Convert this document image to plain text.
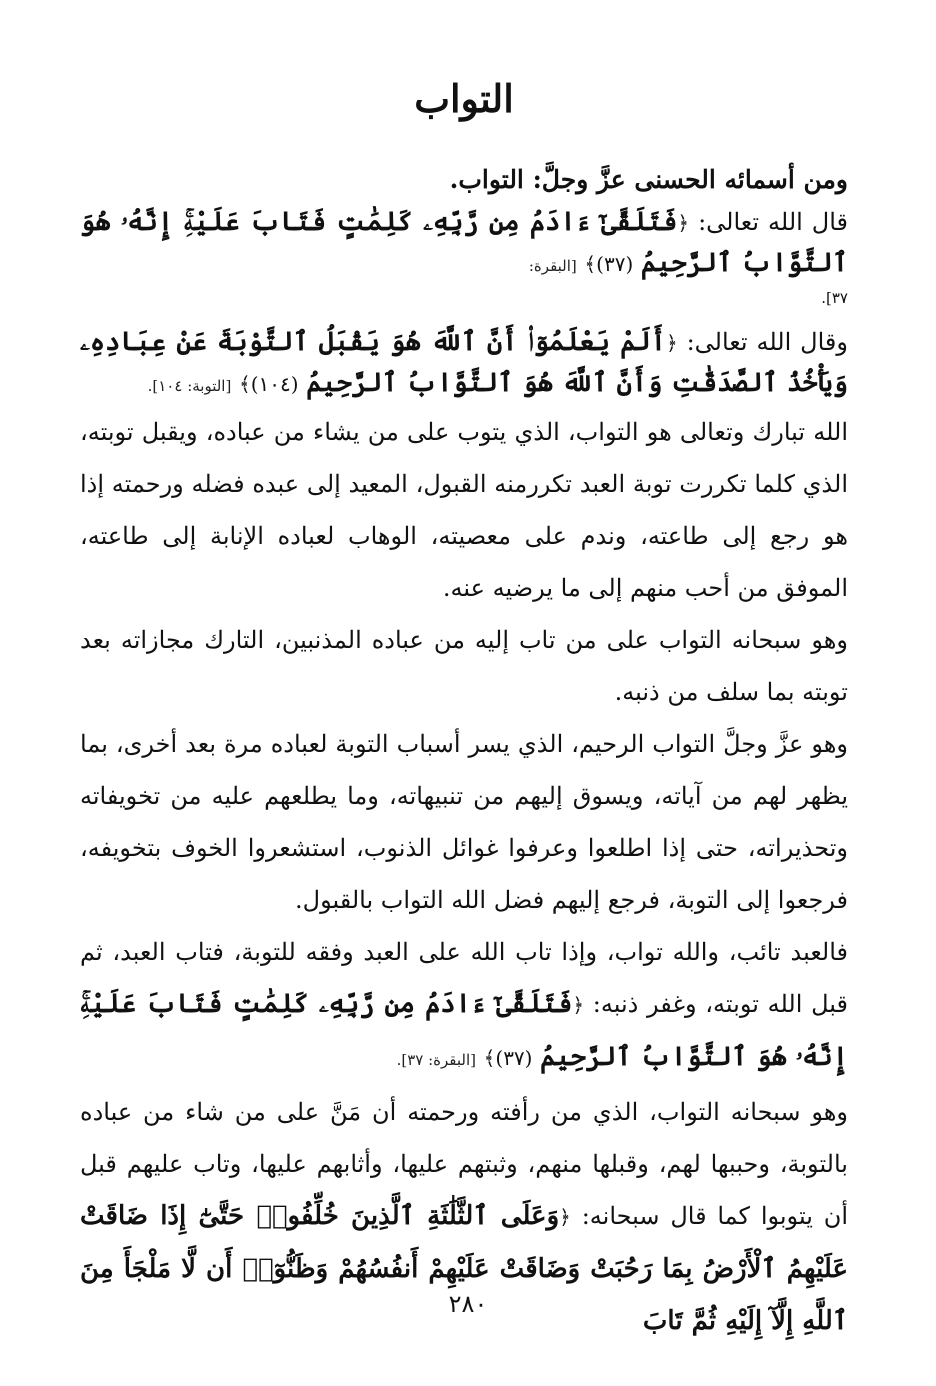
التواب

ومن أسمائه الحسنى عزَّ وجلَّ: التواب.

قال الله تعالى: ﴿فَتَلَقَّىٰٓ ءَادَمُ مِن رَّبِّهِۦ كَلِمَٰتٍ فَتَابَ عَلَيْهِۚ إِنَّهُۥ هُوَ ٱلتَّوَّابُ ٱلرَّحِيمُ (٣٧)﴾ [البقرة:

٣٧].

وقال الله تعالى: ﴿أَلَمْ يَعْلَمُوٓا۟ أَنَّ ٱللَّهَ هُوَ يَقْبَلُ ٱلتَّوْبَةَ عَنْ عِبَادِهِۦ وَيَأْخُذُ ٱلصَّدَقَٰتِ وَأَنَّ ٱللَّهَ هُوَ ٱلتَّوَّابُ ٱلرَّحِيمُ (١٠٤)﴾ [التوبة: ١٠٤].

الله تبارك وتعالى هو التواب، الذي يتوب على من يشاء من عباده، ويقبل توبته، الذي كلما تكررت توبة العبد تكررمنه القبول، المعيد إلى عبده فضله ورحمته إذا هو رجع إلى طاعته، وندم على معصيته، الوهاب لعباده الإنابة إلى طاعته، الموفق من أحب منهم إلى ما يرضيه عنه.

وهو سبحانه التواب على من تاب إليه من عباده المذنبين، التارك مجازاته بعد توبته بما سلف من ذنبه.

وهو عزَّ وجلَّ التواب الرحيم، الذي يسر أسباب التوبة لعباده مرة بعد أخرى، بما يظهر لهم من آياته، ويسوق إليهم من تنبيهاته، وما يطلعهم عليه من تخويفاته وتحذيراته، حتى إذا اطلعوا وعرفوا غوائل الذنوب، استشعروا الخوف بتخويفه، فرجعوا إلى التوبة، فرجع إليهم فضل الله التواب بالقبول.

فالعبد تائب، والله تواب، وإذا تاب الله على العبد وفقه للتوبة، فتاب العبد، ثم قبل الله توبته، وغفر ذنبه: ﴿فَتَلَقَّىٰٓ ءَادَمُ مِن رَّبِّهِۦ كَلِمَٰتٍ فَتَابَ عَلَيْهِۚ إِنَّهُۥ هُوَ ٱلتَّوَّابُ ٱلرَّحِيمُ (٣٧)﴾ [البقرة: ٣٧].

وهو سبحانه التواب، الذي من رأفته ورحمته أن مَنَّ على من شاء من عباده بالتوبة، وحببها لهم، وقبلها منهم، وثبتهم عليها، وأثابهم عليها، وتاب عليهم قبل أن يتوبوا كما قال سبحانه: ﴿وَعَلَى ٱلثَّلَٰثَةِ ٱلَّذِينَ خُلِّفُوا۟ حَتَّىٰٓ إِذَا ضَاقَتْ عَلَيْهِمُ ٱلْأَرْضُ بِمَا رَحُبَتْ وَضَاقَتْ عَلَيْهِمْ أَنفُسُهُمْ وَظَنُّوٓا۟ أَن لَّا مَلْجَأَ مِنَ ٱللَّهِ إِلَّآ إِلَيْهِ ثُمَّ تَابَ

٢٨٠
